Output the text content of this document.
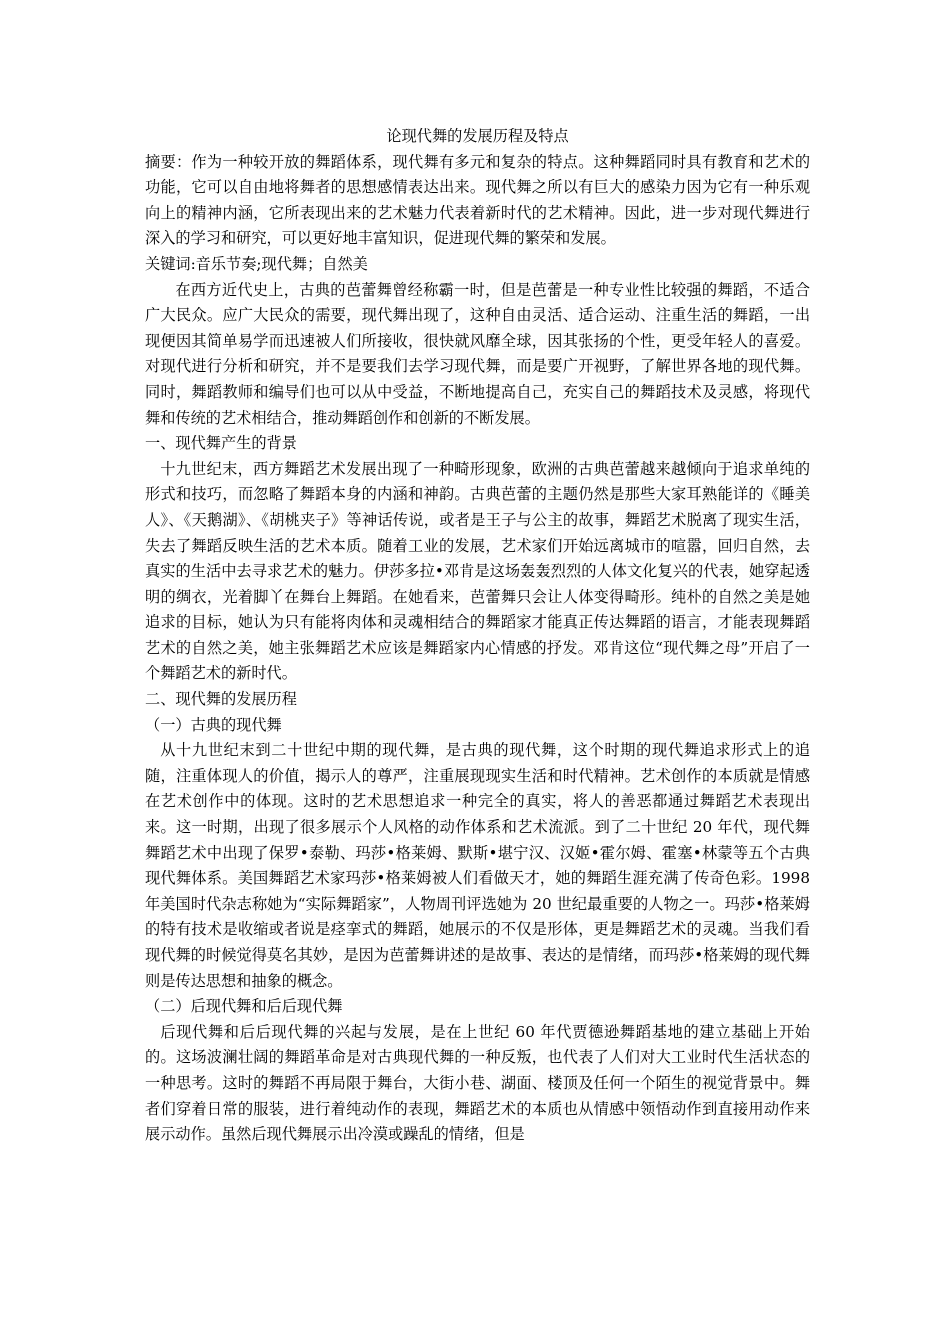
论现代舞的发展历程及特点

摘要：作为一种较开放的舞蹈体系，现代舞有多元和复杂的特点。这种舞蹈同时具有教育和艺术的功能，它可以自由地将舞者的思想感情表达出来。现代舞之所以有巨大的感染力因为它有一种乐观向上的精神内涵，它所表现出来的艺术魅力代表着新时代的艺术精神。因此，进一步对现代舞进行深入的学习和研究，可以更好地丰富知识，促进现代舞的繁荣和发展。

关键词:音乐节奏;现代舞；自然美

在西方近代史上，古典的芭蕾舞曾经称霸一时，但是芭蕾是一种专业性比较强的舞蹈，不适合广大民众。应广大民众的需要，现代舞出现了，这种自由灵活、适合运动、注重生活的舞蹈，一出现便因其简单易学而迅速被人们所接收，很快就风靡全球，因其张扬的个性，更受年轻人的喜爱。对现代进行分析和研究，并不是要我们去学习现代舞，而是要广开视野，了解世界各地的现代舞。同时，舞蹈教师和编导们也可以从中受益，不断地提高自己，充实自己的舞蹈技术及灵感，将现代舞和传统的艺术相结合，推动舞蹈创作和创新的不断发展。

一、现代舞产生的背景

十九世纪末，西方舞蹈艺术发展出现了一种畸形现象，欧洲的古典芭蕾越来越倾向于追求单纯的形式和技巧，而忽略了舞蹈本身的内涵和神韵。古典芭蕾的主题仍然是那些大家耳熟能详的《睡美人》、《天鹅湖》、《胡桃夹子》等神话传说，或者是王子与公主的故事，舞蹈艺术脱离了现实生活，失去了舞蹈反映生活的艺术本质。随着工业的发展，艺术家们开始远离城市的喧嚣，回归自然，去真实的生活中去寻求艺术的魅力。伊莎多拉•邓肯是这场轰轰烈烈的人体文化复兴的代表，她穿起透明的绸衣，光着脚丫在舞台上舞蹈。在她看来，芭蕾舞只会让人体变得畸形。纯朴的自然之美是她追求的目标，她认为只有能将肉体和灵魂相结合的舞蹈家才能真正传达舞蹈的语言，才能表现舞蹈艺术的自然之美，她主张舞蹈艺术应该是舞蹈家内心情感的抒发。邓肯这位“现代舞之母”开启了一个舞蹈艺术的新时代。

二、现代舞的发展历程

（一）古典的现代舞

从十九世纪末到二十世纪中期的现代舞，是古典的现代舞，这个时期的现代舞追求形式上的追随，注重体现人的价值，揭示人的尊严，注重展现现实生活和时代精神。艺术创作的本质就是情感在艺术创作中的体现。这时的艺术思想追求一种完全的真实，将人的善恶都通过舞蹈艺术表现出来。这一时期，出现了很多展示个人风格的动作体系和艺术流派。到了二十世纪 20 年代，现代舞舞蹈艺术中出现了保罗•泰勒、玛莎•格莱姆、默斯•堪宁汉、汉姬•霍尔姆、霍塞•林蒙等五个古典现代舞体系。美国舞蹈艺术家玛莎•格莱姆被人们看做天才，她的舞蹈生涯充满了传奇色彩。1998 年美国时代杂志称她为“实际舞蹈家”，人物周刊评选她为 20 世纪最重要的人物之一。玛莎•格莱姆的特有技术是收缩或者说是痉挛式的舞蹈，她展示的不仅是形体，更是舞蹈艺术的灵魂。当我们看现代舞的时候觉得莫名其妙，是因为芭蕾舞讲述的是故事、表达的是情绪，而玛莎•格莱姆的现代舞则是传达思想和抽象的概念。

（二）后现代舞和后后现代舞

后现代舞和后后现代舞的兴起与发展，是在上世纪 60 年代贾德逊舞蹈基地的建立基础上开始的。这场波澜壮阔的舞蹈革命是对古典现代舞的一种反叛，也代表了人们对大工业时代生活状态的一种思考。这时的舞蹈不再局限于舞台，大街小巷、湖面、楼顶及任何一个陌生的视觉背景中。舞者们穿着日常的服装，进行着纯动作的表现，舞蹈艺术的本质也从情感中领悟动作到直接用动作来展示动作。虽然后现代舞展示出冷漠或躁乱的情绪，但是
